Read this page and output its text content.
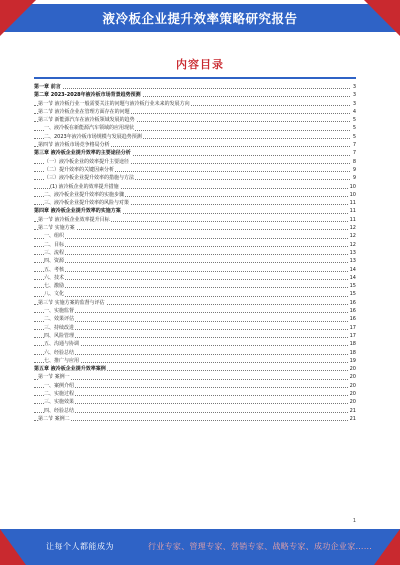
液冷板企业提升效率策略研究报告
内容目录
第一章 前言	3
第二章 2023-2028年液冷板市场背景趋势预测	3
第一节 液冷板行业一般需要关注的问题与液冷板行业未来的发展方向	3
第二节 液冷板企业在管理方面存在的问题	4
第三节 新能源汽车在液冷板领域发展的趋势	5
一、液冷板在新能源汽车领域的应用现状	5
二、2023年液冷板市场规模与发展趋势预测	5
第四节 液冷板市场竞争格局分析	7
第三章 液冷板企业提升效率的主要途径分析	7
（一）液冷板企业的效率提升主要途径	8
（二）提升效率的关键因素分析	9
（三）液冷板企业提升效率的措施与方法	9
(1) 液冷板企业的效率提升措施	10
二、液冷板企业提升效率的实施步骤	10
三、液冷板企业提升效率的风险与对策	11
第四章 液冷板企业提升效率的实施方案	11
第一节 液冷板企业效率提升目标	11
第二节 实施方案	12
一、组织	12
二、目标	12
三、流程	13
四、资源	13
五、考核	14
六、技术	14
七、激励	15
八、文化	15
第三节 实施方案的监督与评估	16
一、实施监督	16
二、效果评估	16
三、持续改进	17
四、风险管理	17
五、沟通与协调	18
六、经验总结	18
七、推广与应用	19
第五章 液冷板企业提升效率案例	20
第一节 案例一	20
一、案例介绍	20
二、实施过程	20
三、实施效果	20
四、经验总结	21
第二节 案例二	21
1
让每个人都能成为	行业专家、管理专家、营销专家、战略专家、成功企业家……
